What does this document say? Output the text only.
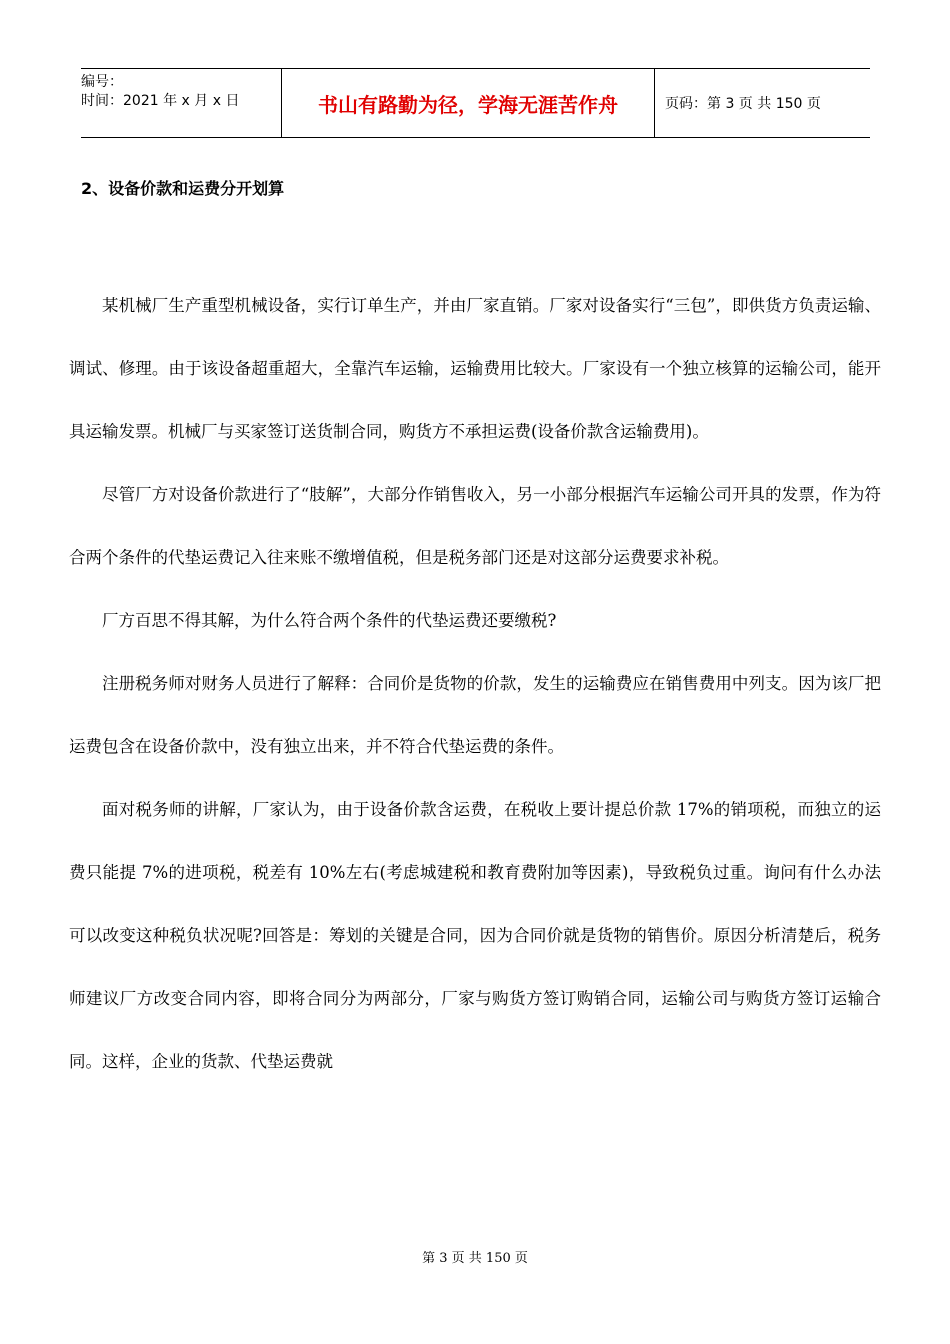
编号：
时间：2021 年 x 月 x 日	书山有路勤为径，学海无涯苦作舟	页码：第 3 页 共 150 页
2、设备价款和运费分开划算

某机械厂生产重型机械设备，实行订单生产，并由厂家直销。厂家对设备实行“三包”，即供货方负责运输、调试、修理。由于该设备超重超大，全靠汽车运输，运输费用比较大。厂家设有一个独立核算的运输公司，能开具运输发票。机械厂与买家签订送货制合同，购货方不承担运费(设备价款含运输费用)。

尽管厂方对设备价款进行了“肢解”，大部分作销售收入，另一小部分根据汽车运输公司开具的发票，作为符合两个条件的代垫运费记入往来账不缴增值税，但是税务部门还是对这部分运费要求补税。

厂方百思不得其解，为什么符合两个条件的代垫运费还要缴税?

注册税务师对财务人员进行了解释：合同价是货物的价款，发生的运输费应在销售费用中列支。因为该厂把运费包含在设备价款中，没有独立出来，并不符合代垫运费的条件。

面对税务师的讲解，厂家认为，由于设备价款含运费，在税收上要计提总价款 17%的销项税，而独立的运费只能提 7%的进项税，税差有 10%左右(考虑城建税和教育费附加等因素)，导致税负过重。询问有什么办法可以改变这种税负状况呢?回答是：筹划的关键是合同，因为合同价就是货物的销售价。原因分析清楚后，税务师建议厂方改变合同内容，即将合同分为两部分，厂家与购货方签订购销合同，运输公司与购货方签订运输合同。这样，企业的货款、代垫运费就

第 3 页 共 150 页
